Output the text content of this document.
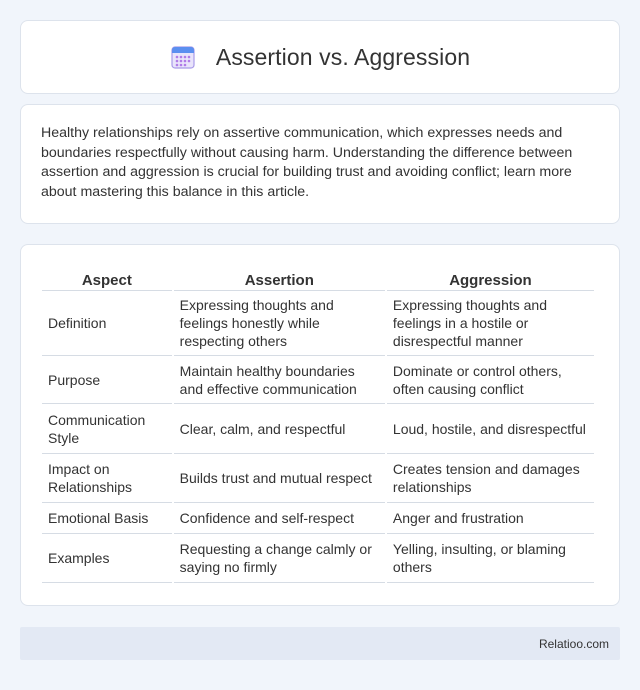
Assertion vs. Aggression

Healthy relationships rely on assertive communication, which expresses needs and boundaries respectfully without causing harm. Understanding the difference between assertion and aggression is crucial for building trust and avoiding conflict; learn more about mastering this balance in this article.

Aspect	Assertion	Aggression
Definition	Expressing thoughts and feelings honestly while respecting others	Expressing thoughts and feelings in a hostile or disrespectful manner
Purpose	Maintain healthy boundaries and effective communication	Dominate or control others, often causing conflict
Communication Style	Clear, calm, and respectful	Loud, hostile, and disrespectful
Impact on Relationships	Builds trust and mutual respect	Creates tension and damages relationships
Emotional Basis	Confidence and self-respect	Anger and frustration
Examples	Requesting a change calmly or saying no firmly	Yelling, insulting, or blaming others
Relatioo.com
